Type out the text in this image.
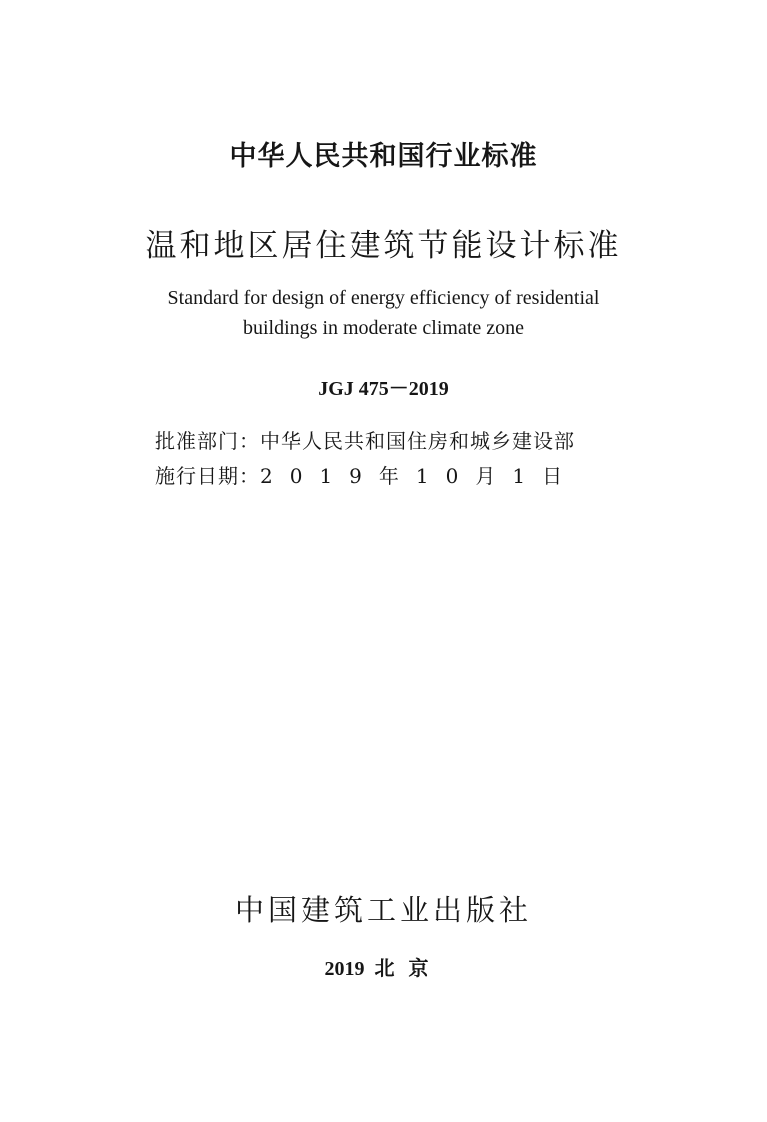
中华人民共和国行业标准
温和地区居住建筑节能设计标准
Standard for design of energy efficiency of residential
buildings in moderate climate zone
JGJ 475－2019
批准部门：中华人民共和国住房和城乡建设部
施行日期：2019年10月1日
中国建筑工业出版社
2019 北京
